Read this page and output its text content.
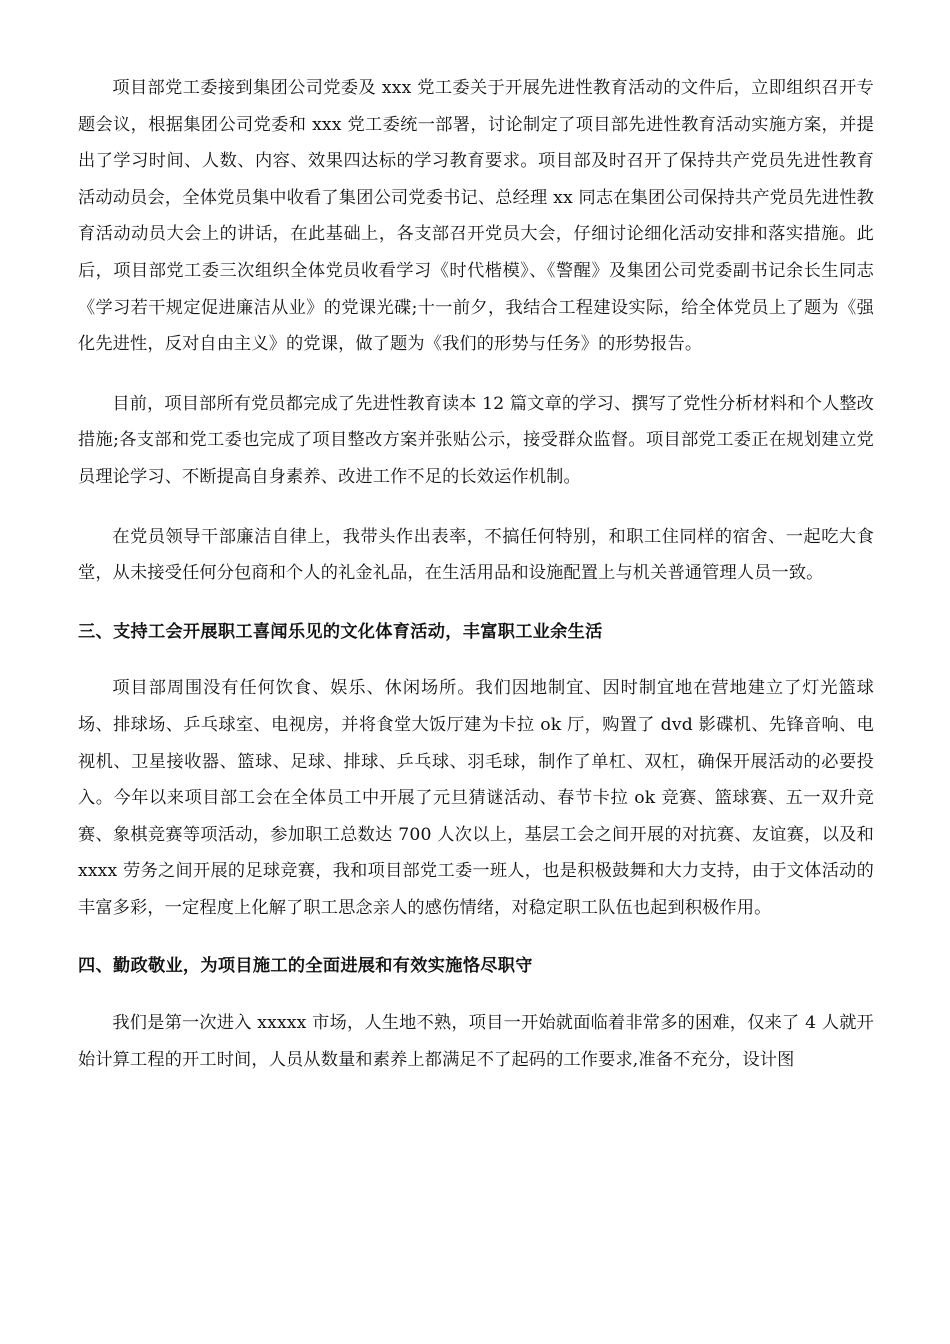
项目部党工委接到集团公司党委及 xxx 党工委关于开展先进性教育活动的文件后，立即组织召开专题会议，根据集团公司党委和 xxx 党工委统一部署，讨论制定了项目部先进性教育活动实施方案，并提出了学习时间、人数、内容、效果四达标的学习教育要求。项目部及时召开了保持共产党员先进性教育活动动员会，全体党员集中收看了集团公司党委书记、总经理 xx 同志在集团公司保持共产党员先进性教育活动动员大会上的讲话，在此基础上，各支部召开党员大会，仔细讨论细化活动安排和落实措施。此后，项目部党工委三次组织全体党员收看学习《时代楷模》、《警醒》及集团公司党委副书记余长生同志《学习若干规定促进廉洁从业》的党课光碟;十一前夕，我结合工程建设实际，给全体党员上了题为《强化先进性，反对自由主义》的党课，做了题为《我们的形势与任务》的形势报告。

目前，项目部所有党员都完成了先进性教育读本 12 篇文章的学习、撰写了党性分析材料和个人整改措施;各支部和党工委也完成了项目整改方案并张贴公示，接受群众监督。项目部党工委正在规划建立党员理论学习、不断提高自身素养、改进工作不足的长效运作机制。

在党员领导干部廉洁自律上，我带头作出表率，不搞任何特别，和职工住同样的宿舍、一起吃大食堂，从未接受任何分包商和个人的礼金礼品，在生活用品和设施配置上与机关普通管理人员一致。

三、支持工会开展职工喜闻乐见的文化体育活动，丰富职工业余生活

项目部周围没有任何饮食、娱乐、休闲场所。我们因地制宜、因时制宜地在营地建立了灯光篮球场、排球场、乒乓球室、电视房，并将食堂大饭厅建为卡拉 ok 厅，购置了 dvd 影碟机、先锋音响、电视机、卫星接收器、篮球、足球、排球、乒乓球、羽毛球，制作了单杠、双杠，确保开展活动的必要投入。今年以来项目部工会在全体员工中开展了元旦猜谜活动、春节卡拉 ok 竞赛、篮球赛、五一双升竞赛、象棋竞赛等项活动，参加职工总数达 700 人次以上，基层工会之间开展的对抗赛、友谊赛，以及和 xxxx 劳务之间开展的足球竞赛，我和项目部党工委一班人，也是积极鼓舞和大力支持，由于文体活动的丰富多彩，一定程度上化解了职工思念亲人的感伤情绪，对稳定职工队伍也起到积极作用。

四、勤政敬业，为项目施工的全面进展和有效实施恪尽职守

我们是第一次进入 xxxxx 市场，人生地不熟，项目一开始就面临着非常多的困难，仅来了 4 人就开始计算工程的开工时间，人员从数量和素养上都满足不了起码的工作要求,准备不充分，设计图
